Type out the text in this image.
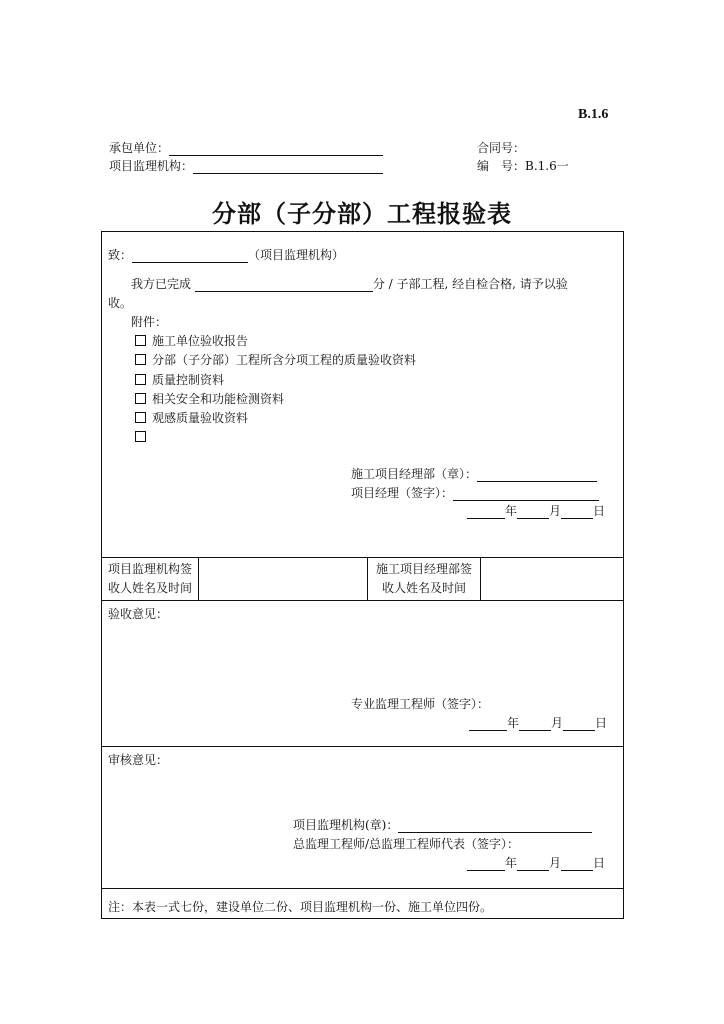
B.1.6
承包单位：	合同号：
项目监理机构：	编　号：B.1.6一
分部（子分部）工程报验表
致：	（项目监理机构）
我方已完成	分 / 子部工程, 经自检合格, 请予以验
收。
附件：
施工单位验收报告
分部（子分部）工程所含分项工程的质量验收资料
质量控制资料
相关安全和功能检测资料
观感质量验收资料
施工项目经理部（章）：
项目经理（签字）：
年	月	日
项目监理机构签
收人姓名及时间
施工项目经理部签
收人姓名及时间
验收意见：
专业监理工程师（签字）：
年	月	日
审核意见：
项目监理机构(章)：
总监理工程师/总监理工程师代表（签字）：
年	月	日
注：本表一式七份，建设单位二份、项目监理机构一份、施工单位四份。
